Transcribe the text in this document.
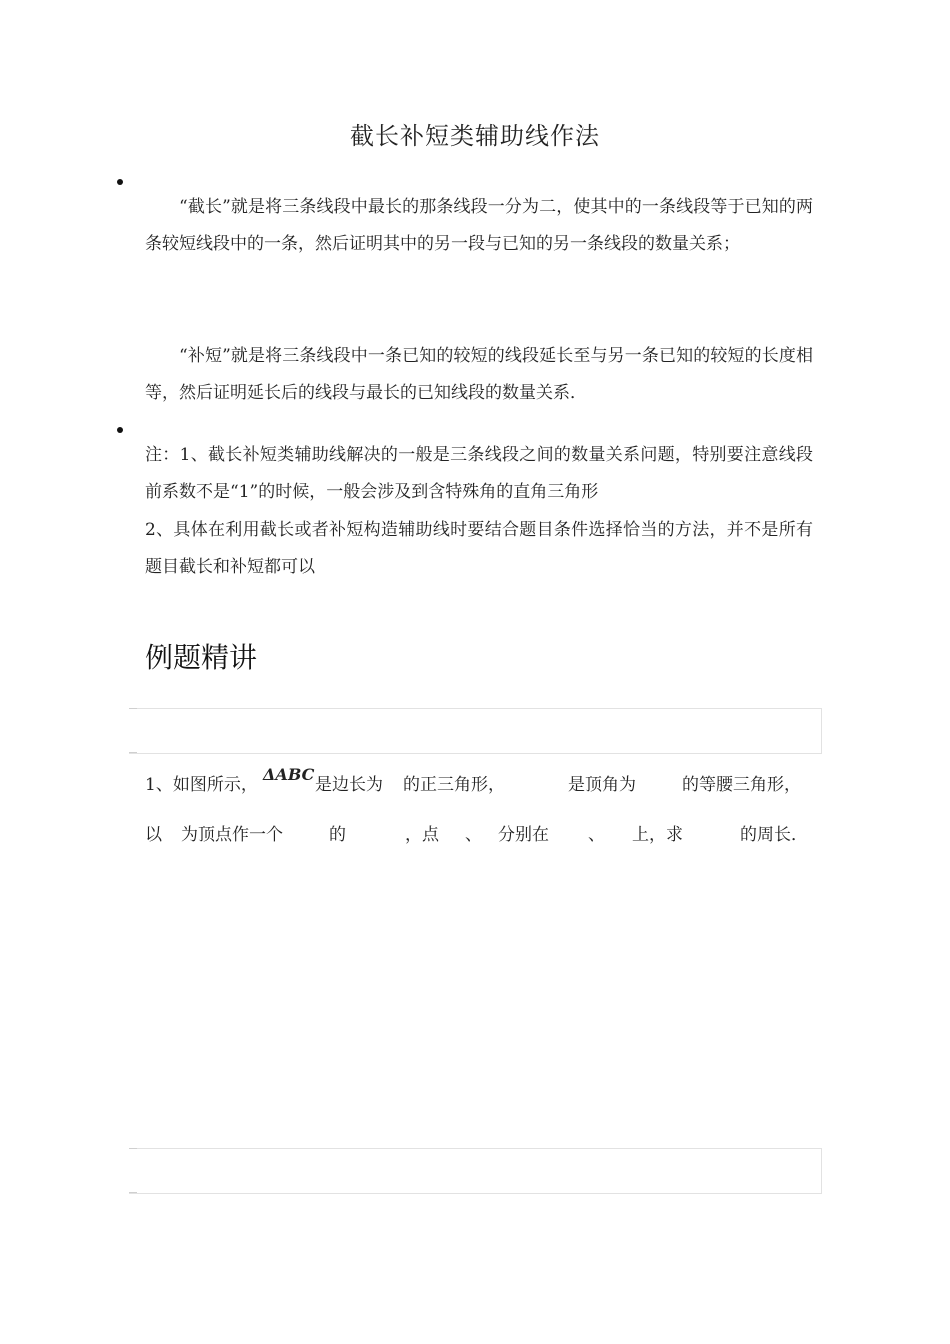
截长补短类辅助线作法
“截长”就是将三条线段中最长的那条线段一分为二，使其中的一条线段等于已知的两条较短线段中的一条，然后证明其中的另一段与已知的另一条线段的数量关系；
“补短”就是将三条线段中一条已知的较短的线段延长至与另一条已知的较短的长度相等，然后证明延长后的线段与最长的已知线段的数量关系．
注：1、截长补短类辅助线解决的一般是三条线段之间的数量关系问题，特别要注意线段前系数不是“1”的时候，一般会涉及到含特殊角的直角三角形
2、具体在利用截长或者补短构造辅助线时要结合题目条件选择恰当的方法，并不是所有题目截长和补短都可以
例题精讲
1、如图所示，
ΔABC
是边长为 的正三角形，	是顶角为	的等腰三角形，
以 为顶点作一个	的	，点 、 分别在 、 上，求	的周长．
